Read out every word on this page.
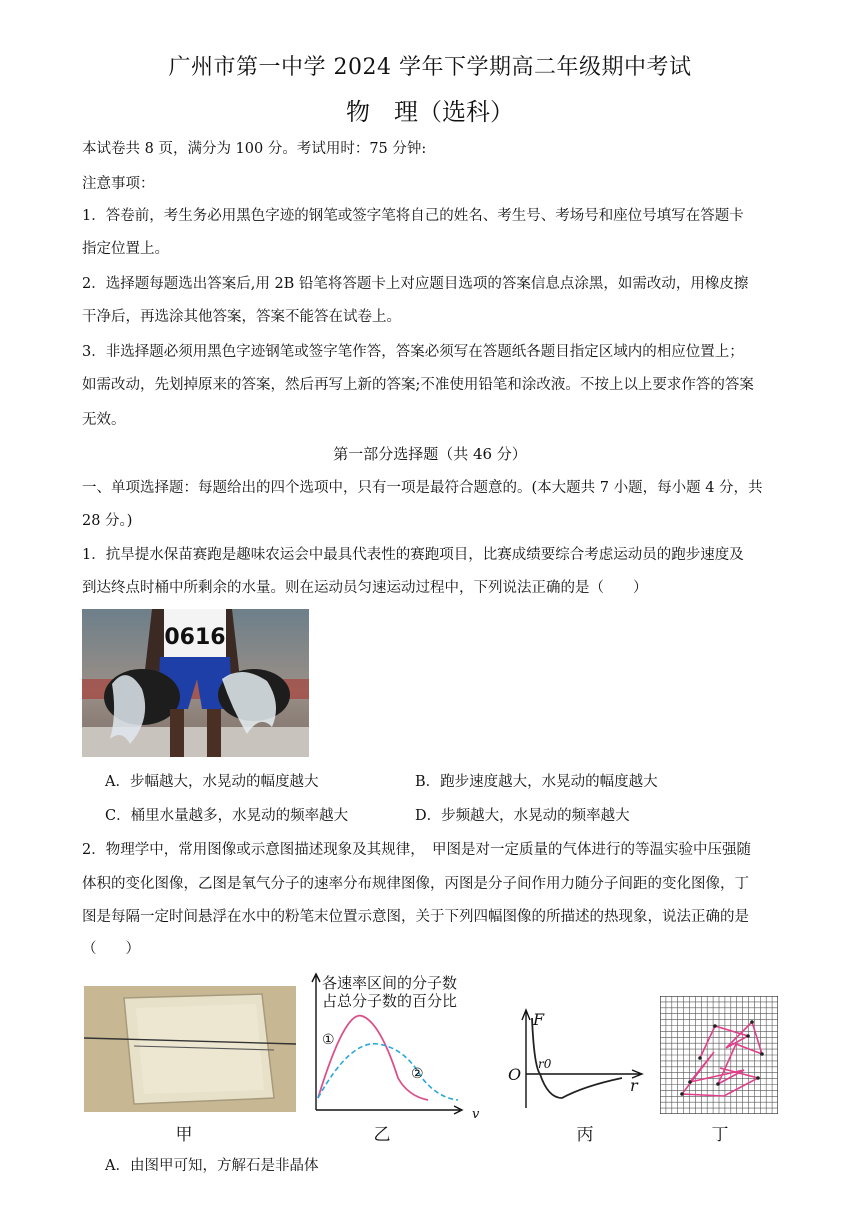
广州市第一中学 2024 学年下学期高二年级期中考试
物　理（选科）
本试卷共 8 页，满分为 100 分。考试用时：75 分钟:
注意事项：
1．答卷前，考生务必用黑色字迹的钢笔或签字笔将自己的姓名、考生号、考场号和座位号填写在答题卡
指定位置上。
2．选择题每题选出答案后,用 2B 铅笔将答题卡上对应题目选项的答案信息点涂黑，如需改动，用橡皮擦
干净后，再选涂其他答案，答案不能答在试卷上。
3．非选择题必须用黑色字迹钢笔或签字笔作答，答案必须写在答题纸各题目指定区域内的相应位置上；
如需改动，先划掉原来的答案，然后再写上新的答案;不准使用铅笔和涂改液。不按上以上要求作答的答案
无效。
第一部分选择题（共 46 分）
一、单项选择题：每题给出的四个选项中，只有一项是最符合题意的。(本大题共 7 小题，每小题 4 分，共
28 分。)
1．抗旱提水保苗赛跑是趣味农运会中最具代表性的赛跑项目，比赛成绩要综合考虑运动员的跑步速度及
到达终点时桶中所剩余的水量。则在运动员匀速运动过程中，下列说法正确的是（　　）
0616
A．步幅越大，水晃动的幅度越大	B．跑步速度越大，水晃动的幅度越大
C．桶里水量越多，水晃动的频率越大	D．步频越大，水晃动的频率越大
2．物理学中，常用图像或示意图描述现象及其规律，　甲图是对一定质量的气体进行的等温实验中压强随
体积的变化图像，乙图是氧气分子的速率分布规律图像，丙图是分子间作用力随分子间距的变化图像，丁
图是每隔一定时间悬浮在水中的粉笔末位置示意图，关于下列四幅图像的所描述的热现象，说法正确的是
（　　）
各速率区间的分子数
占总分子数的百分比
v
①
②
F
r
O
r0
甲	乙	丙	丁
A．由图甲可知，方解石是非晶体
